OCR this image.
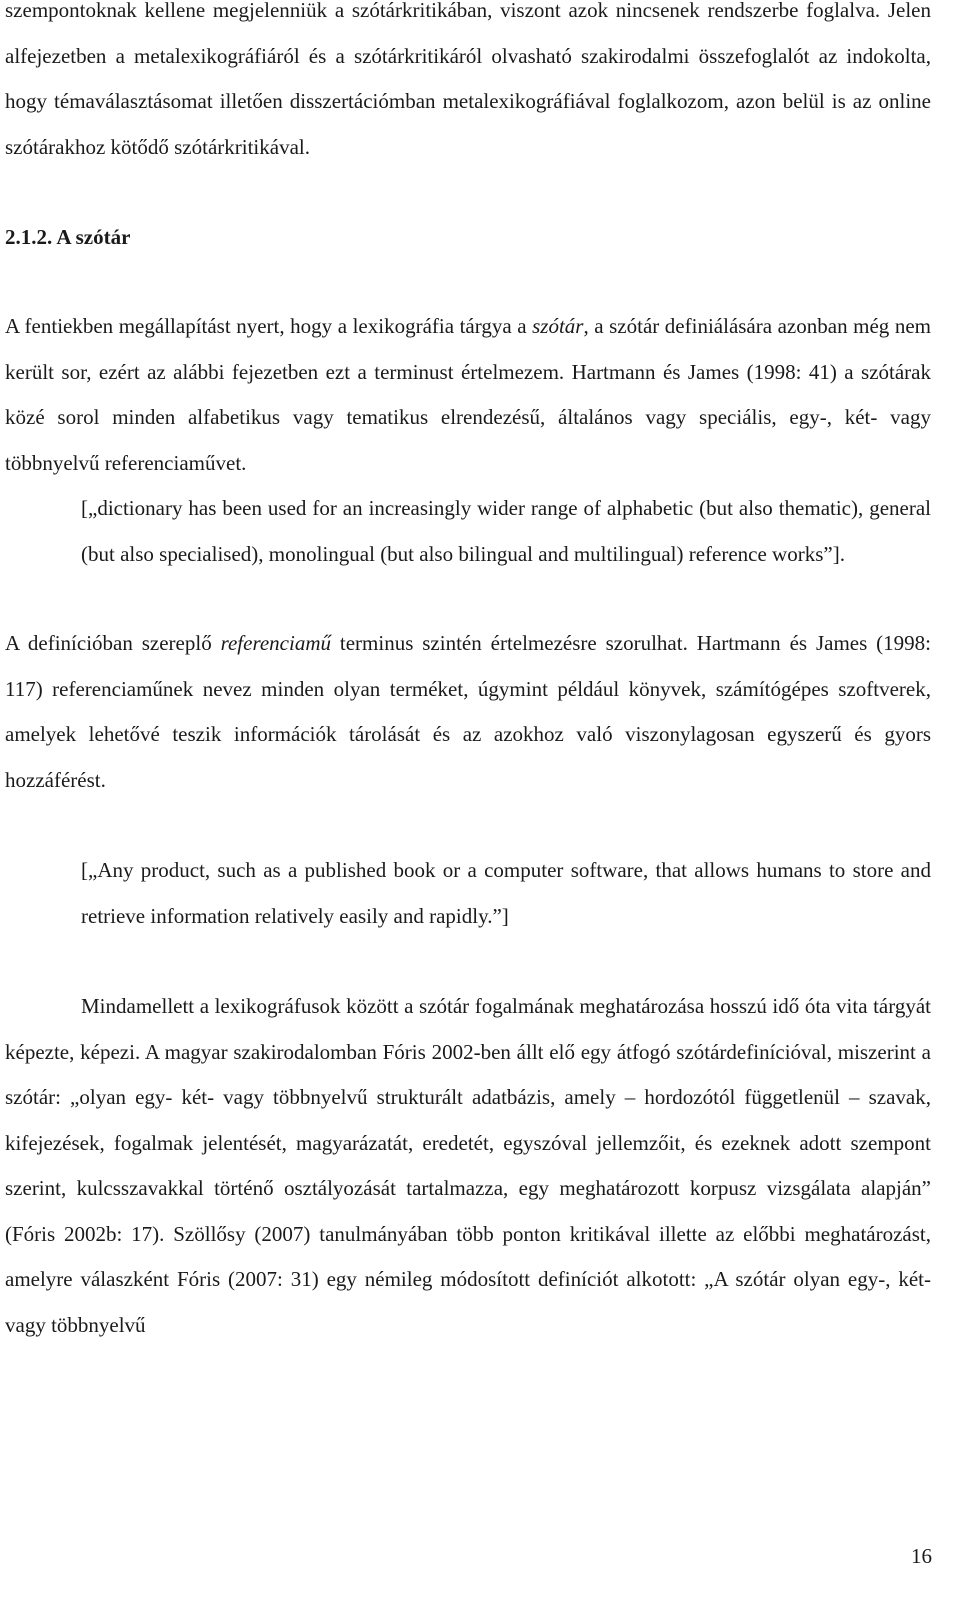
szempontoknak kellene megjelenniük a szótárkritikában, viszont azok nincsenek rendszerbe foglalva. Jelen alfejezetben a metalexikográfiáról és a szótárkritikáról olvasható szakirodalmi összefoglalót az indokolta, hogy témaválasztásomat illetően disszertációmban metalexikográfiával foglalkozom, azon belül is az online szótárakhoz kötődő szótárkritikával.

2.1.2. A szótár

A fentiekben megállapítást nyert, hogy a lexikográfia tárgya a szótár, a szótár definiálására azonban még nem került sor, ezért az alábbi fejezetben ezt a terminust értelmezem. Hartmann és James (1998: 41) a szótárak közé sorol minden alfabetikus vagy tematikus elrendezésű, általános vagy speciális, egy-, két- vagy többnyelvű referenciaművet.

[„dictionary has been used for an increasingly wider range of alphabetic (but also thematic), general (but also specialised), monolingual (but also bilingual and multilingual) reference works”].

A definícióban szereplő referenciamű terminus szintén értelmezésre szorulhat. Hartmann és James (1998: 117) referenciaműnek nevez minden olyan terméket, úgymint például könyvek, számítógépes szoftverek, amelyek lehetővé teszik információk tárolását és az azokhoz való viszonylagosan egyszerű és gyors hozzáférést.

[„Any product, such as a published book or a computer software, that allows humans to store and retrieve information relatively easily and rapidly.”]

Mindamellett a lexikográfusok között a szótár fogalmának meghatározása hosszú idő óta vita tárgyát képezte, képezi. A magyar szakirodalomban Fóris 2002-ben állt elő egy átfogó szótárdefinícióval, miszerint a szótár: „olyan egy- két- vagy többnyelvű strukturált adatbázis, amely – hordozótól függetlenül – szavak, kifejezések, fogalmak jelentését, magyarázatát, eredetét, egyszóval jellemzőit, és ezeknek adott szempont szerint, kulcsszavakkal történő osztályozását tartalmazza, egy meghatározott korpusz vizsgálata alapján” (Fóris 2002b: 17). Szöllősy (2007) tanulmányában több ponton kritikával illette az előbbi meghatározást, amelyre válaszként Fóris (2007: 31) egy némileg módosított definíciót alkotott: „A szótár olyan egy-, két- vagy többnyelvű

16
